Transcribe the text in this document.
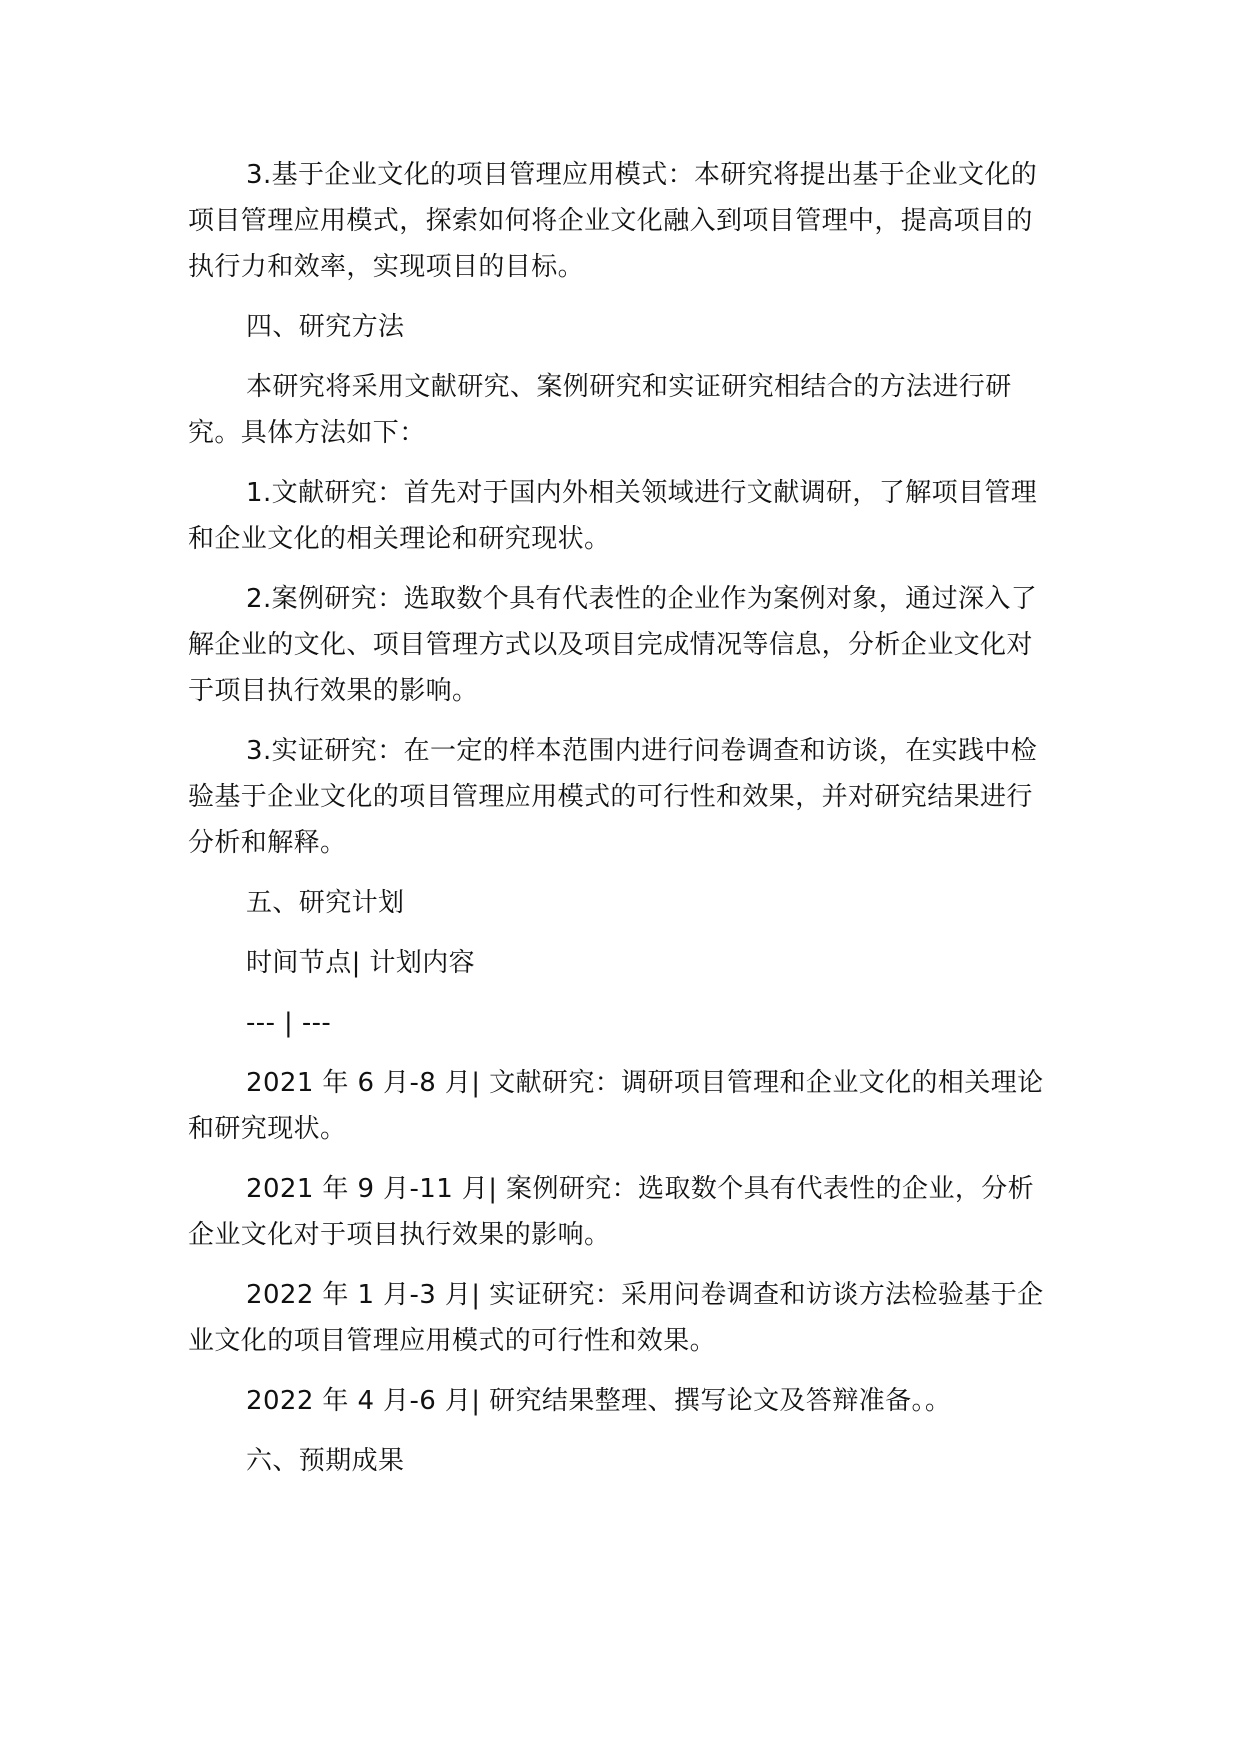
3.基于企业文化的项目管理应用模式：本研究将提出基于企业文化的项目管理应用模式，探索如何将企业文化融入到项目管理中，提高项目的执行力和效率，实现项目的目标。

四、研究方法

本研究将采用文献研究、案例研究和实证研究相结合的方法进行研究。具体方法如下：

1.文献研究：首先对于国内外相关领域进行文献调研，了解项目管理和企业文化的相关理论和研究现状。

2.案例研究：选取数个具有代表性的企业作为案例对象，通过深入了解企业的文化、项目管理方式以及项目完成情况等信息，分析企业文化对于项目执行效果的影响。

3.实证研究：在一定的样本范围内进行问卷调查和访谈，在实践中检验基于企业文化的项目管理应用模式的可行性和效果，并对研究结果进行分析和解释。

五、研究计划

时间节点| 计划内容

--- | ---

2021 年 6 月-8 月| 文献研究：调研项目管理和企业文化的相关理论和研究现状。

2021 年 9 月-11 月| 案例研究：选取数个具有代表性的企业，分析企业文化对于项目执行效果的影响。

2022 年 1 月-3 月| 实证研究：采用问卷调查和访谈方法检验基于企业文化的项目管理应用模式的可行性和效果。

2022 年 4 月-6 月| 研究结果整理、撰写论文及答辩准备。。

六、预期成果
